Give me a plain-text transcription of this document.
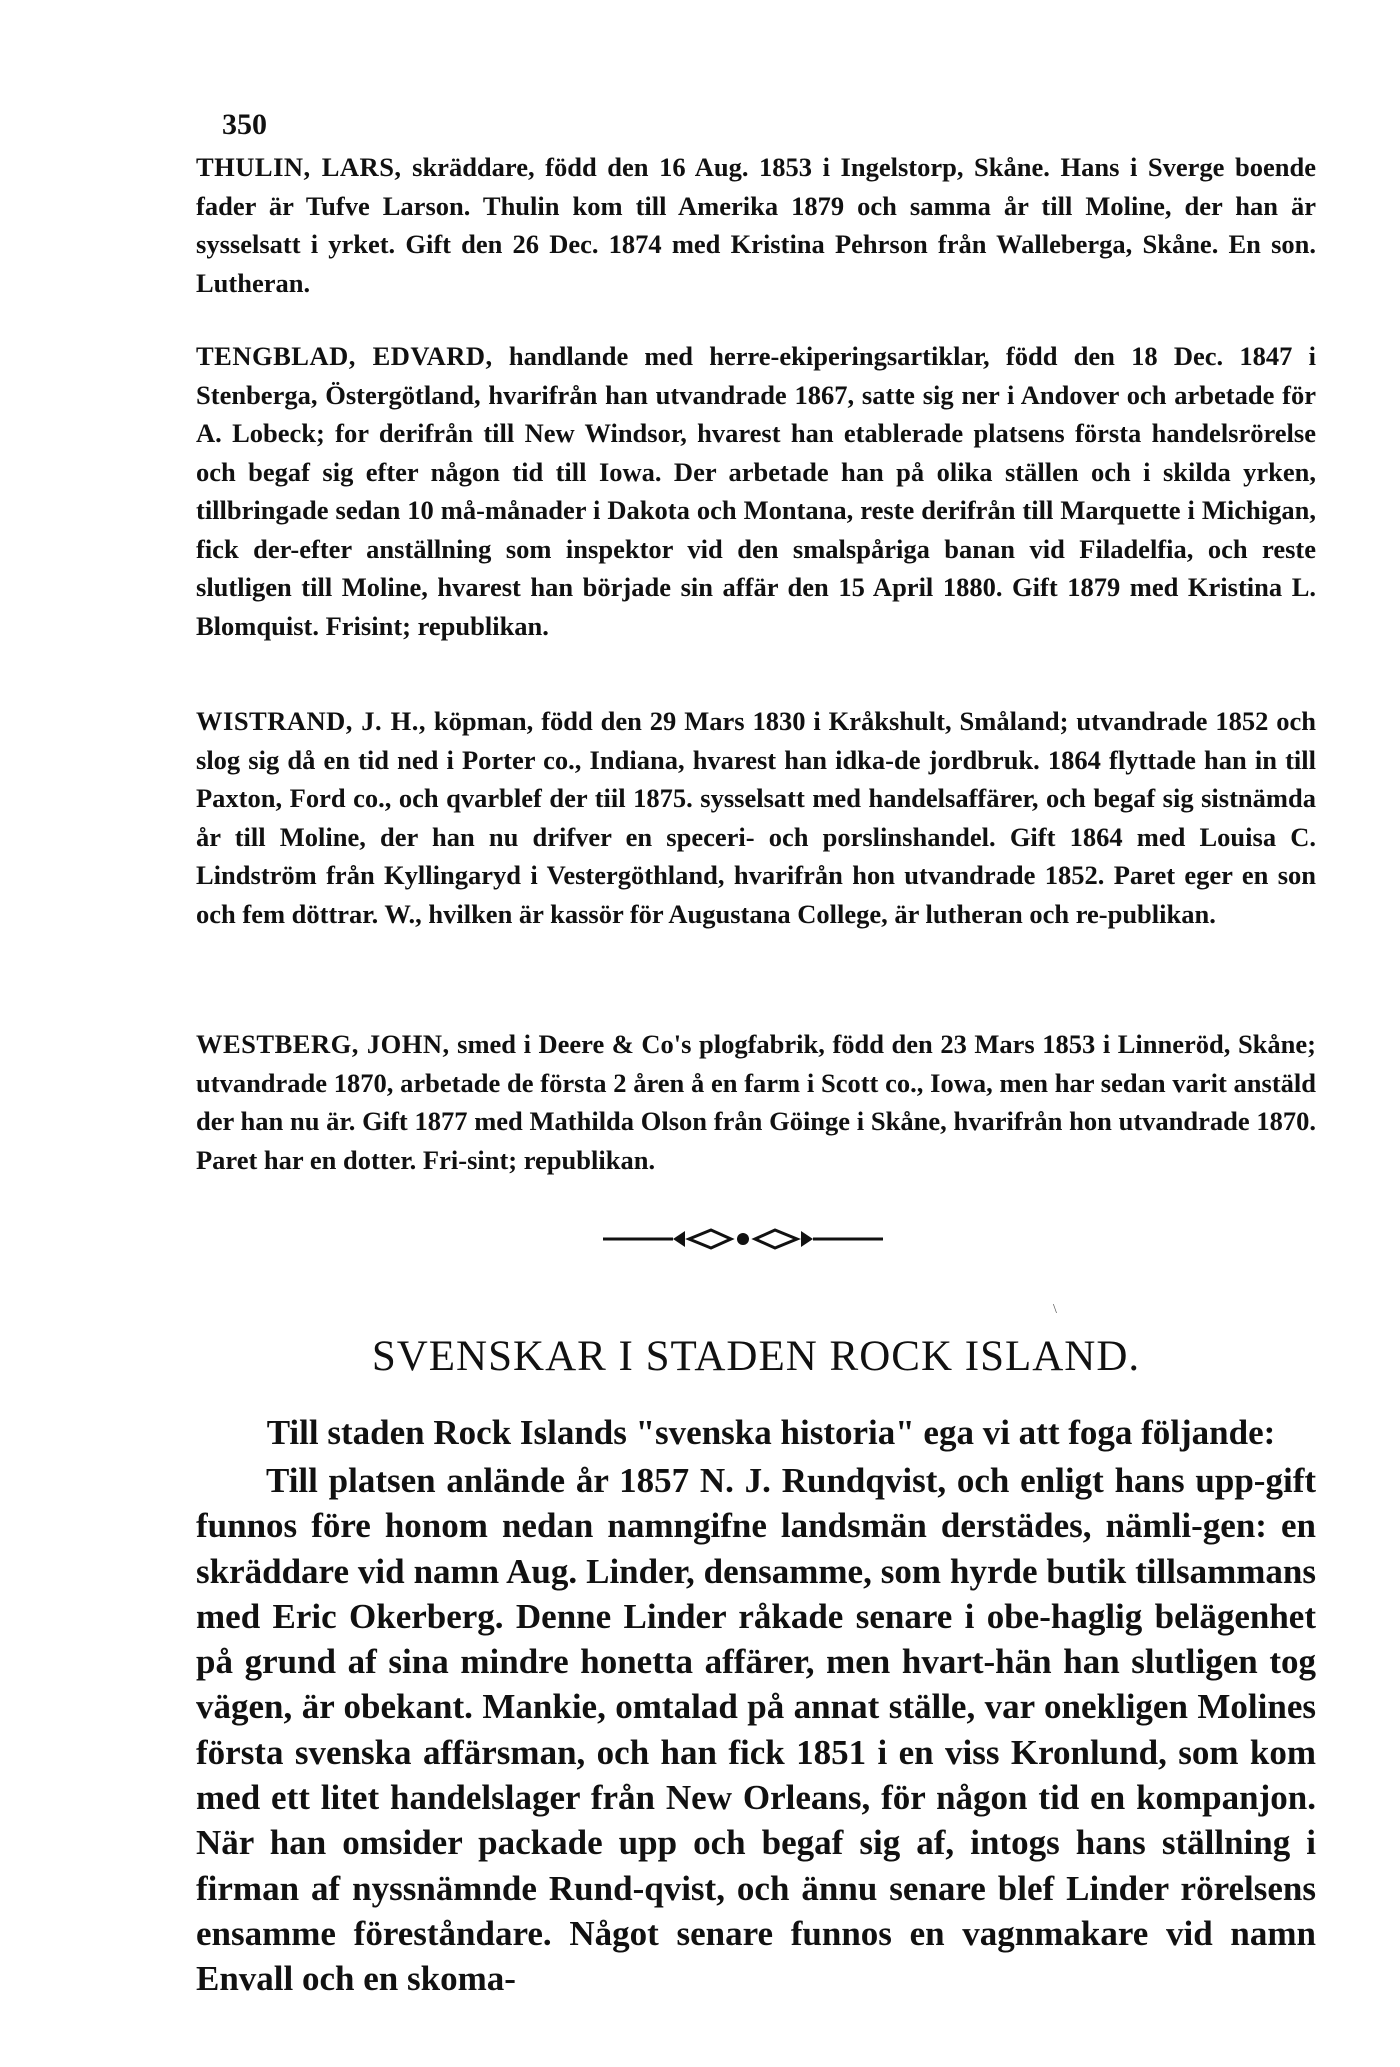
350

THULIN, LARS, skräddare, född den 16 Aug. 1853 i Ingelstorp, Skåne. Hans i Sverge boende fader är Tufve Larson. Thulin kom till Amerika 1879 och samma år till Moline, der han är sysselsatt i yrket. Gift den 26 Dec. 1874 med Kristina Pehrson från Walleberga, Skåne. En son. Lutheran.

TENGBLAD, EDVARD, handlande med herre-ekiperingsartiklar, född den 18 Dec. 1847 i Stenberga, Östergötland, hvarifrån han utvandrade 1867, satte sig ner i Andover och arbetade för A. Lobeck; for derifrån till New Windsor, hvarest han etablerade platsens första handelsrörelse och begaf sig efter någon tid till Iowa. Der arbetade han på olika ställen och i skilda yrken, tillbringade sedan 10 må-månader i Dakota och Montana, reste derifrån till Marquette i Michigan, fick der-efter anställning som inspektor vid den smalspåriga banan vid Filadelfia, och reste slutligen till Moline, hvarest han började sin affär den 15 April 1880. Gift 1879 med Kristina L. Blomquist. Frisint; republikan.

WISTRAND, J. H., köpman, född den 29 Mars 1830 i Kråkshult, Småland; utvandrade 1852 och slog sig då en tid ned i Porter co., Indiana, hvarest han idka-de jordbruk. 1864 flyttade han in till Paxton, Ford co., och qvarblef der tiil 1875. sysselsatt med handelsaffärer, och begaf sig sistnämda år till Moline, der han nu drifver en speceri- och porslinshandel. Gift 1864 med Louisa C. Lindström från Kyllingaryd i Vestergöthland, hvarifrån hon utvandrade 1852. Paret eger en son och fem döttrar. W., hvilken är kassör för Augustana College, är lutheran och re-publikan.

WESTBERG, JOHN, smed i Deere & Co's plogfabrik, född den 23 Mars 1853 i Linneröd, Skåne; utvandrade 1870, arbetade de första 2 åren å en farm i Scott co., Iowa, men har sedan varit anstäld der han nu är. Gift 1877 med Mathilda Olson från Göinge i Skåne, hvarifrån hon utvandrade 1870. Paret har en dotter. Fri-sint; republikan.

\
SVENSKAR I STADEN ROCK ISLAND.

Till staden Rock Islands "svenska historia" ega vi att foga följande:

Till platsen anlände år 1857 N. J. Rundqvist, och enligt hans upp-gift funnos före honom nedan namngifne landsmän derstädes, nämli-gen: en skräddare vid namn Aug. Linder, densamme, som hyrde butik tillsammans med Eric Okerberg. Denne Linder råkade senare i obe-haglig belägenhet på grund af sina mindre honetta affärer, men hvart-hän han slutligen tog vägen, är obekant. Mankie, omtalad på annat ställe, var onekligen Molines första svenska affärsman, och han fick 1851 i en viss Kronlund, som kom med ett litet handelslager från New Orleans, för någon tid en kompanjon. När han omsider packade upp och begaf sig af, intogs hans ställning i firman af nyssnämnde Rund-qvist, och ännu senare blef Linder rörelsens ensamme föreståndare. Något senare funnos en vagnmakare vid namn Envall och en skoma-
